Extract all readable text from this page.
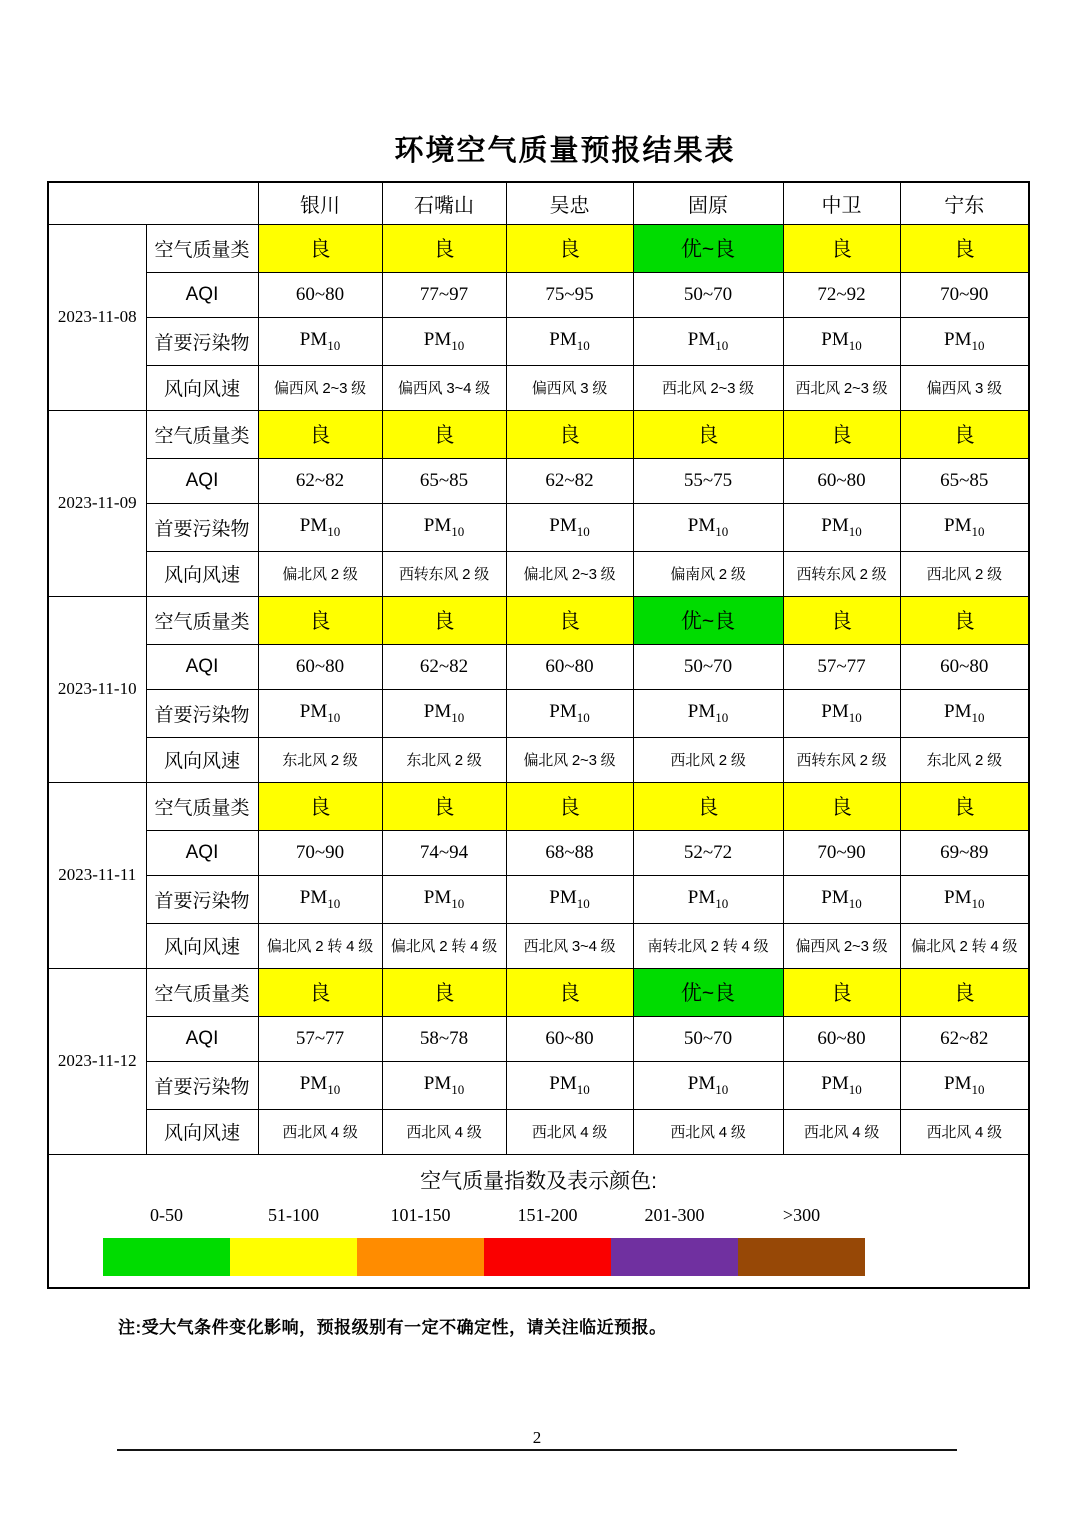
环境空气质量预报结果表
		银川	石嘴山	吴忠	固原	中卫	宁东
2023-11-08	空气质量类	良	良	良	优~良	良	良
	AQI	60~80	77~97	75~95	50~70	72~92	70~90
	首要污染物	$PM_{10}$	$PM_{10}$	$PM_{10}$	$PM_{10}$	$PM_{10}$	$PM_{10}$
	风向风速	偏西风 2~3 级	偏西风 3~4 级	偏西风 3 级	西北风 2~3 级	西北风 2~3 级	偏西风 3 级
2023-11-09	空气质量类	良	良	良	良	良	良
	AQI	62~82	65~85	62~82	55~75	60~80	65~85
	首要污染物	$PM_{10}$	$PM_{10}$	$PM_{10}$	$PM_{10}$	$PM_{10}$	$PM_{10}$
	风向风速	偏北风 2 级	西转东风 2 级	偏北风 2~3 级	偏南风 2 级	西转东风 2 级	西北风 2 级
2023-11-10	空气质量类	良	良	良	优~良	良	良
	AQI	60~80	62~82	60~80	50~70	57~77	60~80
	首要污染物	$PM_{10}$	$PM_{10}$	$PM_{10}$	$PM_{10}$	$PM_{10}$	$PM_{10}$
	风向风速	东北风 2 级	东北风 2 级	偏北风 2~3 级	西北风 2 级	西转东风 2 级	东北风 2 级
2023-11-11	空气质量类	良	良	良	良	良	良
	AQI	70~90	74~94	68~88	52~72	70~90	69~89
	首要污染物	$PM_{10}$	$PM_{10}$	$PM_{10}$	$PM_{10}$	$PM_{10}$	$PM_{10}$
	风向风速	偏北风 2 转 4 级	偏北风 2 转 4 级	西北风 3~4 级	南转北风 2 转 4 级	偏西风 2~3 级	偏北风 2 转 4 级
2023-11-12	空气质量类	良	良	良	优~良	良	良
	AQI	57~77	58~78	60~80	50~70	60~80	62~82
	首要污染物	$PM_{10}$	$PM_{10}$	$PM_{10}$	$PM_{10}$	$PM_{10}$	$PM_{10}$
	风向风速	西北风 4 级	西北风 4 级	西北风 4 级	西北风 4 级	西北风 4 级	西北风 4 级

空气质量指数及表示颜色:
0-50	51-100	101-150	151-200	201-300	>300
注:受大气条件变化影响，预报级别有一定不确定性，请关注临近预报。
2
